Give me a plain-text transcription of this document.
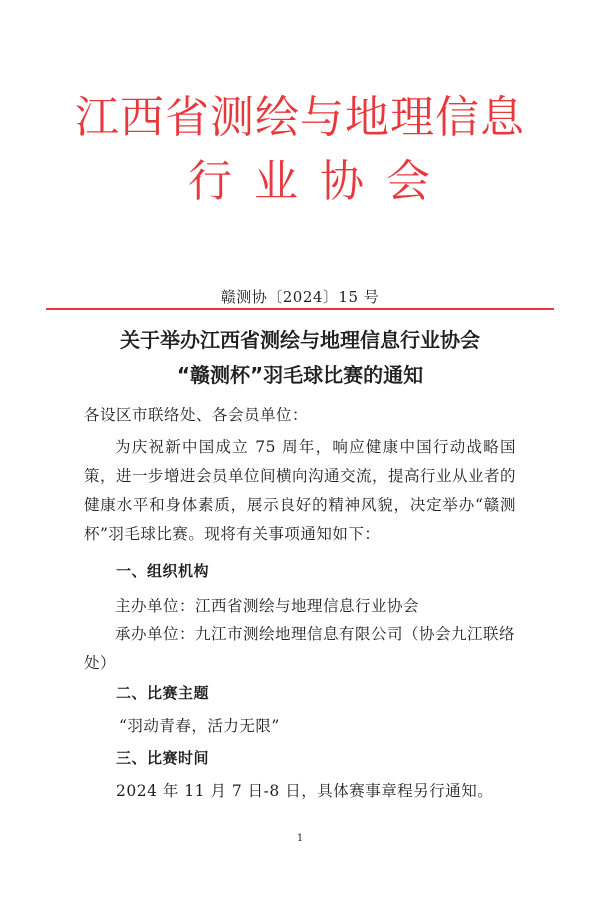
江西省测绘与地理信息
行业协会
赣测协〔2024〕15 号
关于举办江西省测绘与地理信息行业协会
“赣测杯”羽毛球比赛的通知
各设区市联络处、各会员单位：
为庆祝新中国成立 75 周年，响应健康中国行动战略国策，进一步增进会员单位间横向沟通交流，提高行业从业者的健康水平和身体素质，展示良好的精神风貌，决定举办“赣测杯”羽毛球比赛。现将有关事项通知如下：
一、组织机构
主办单位：江西省测绘与地理信息行业协会
承办单位：九江市测绘地理信息有限公司（协会九江联络处）
二、比赛主题
“羽动青春，活力无限”
三、比赛时间
2024 年 11 月 7 日-8 日，具体赛事章程另行通知。
1
